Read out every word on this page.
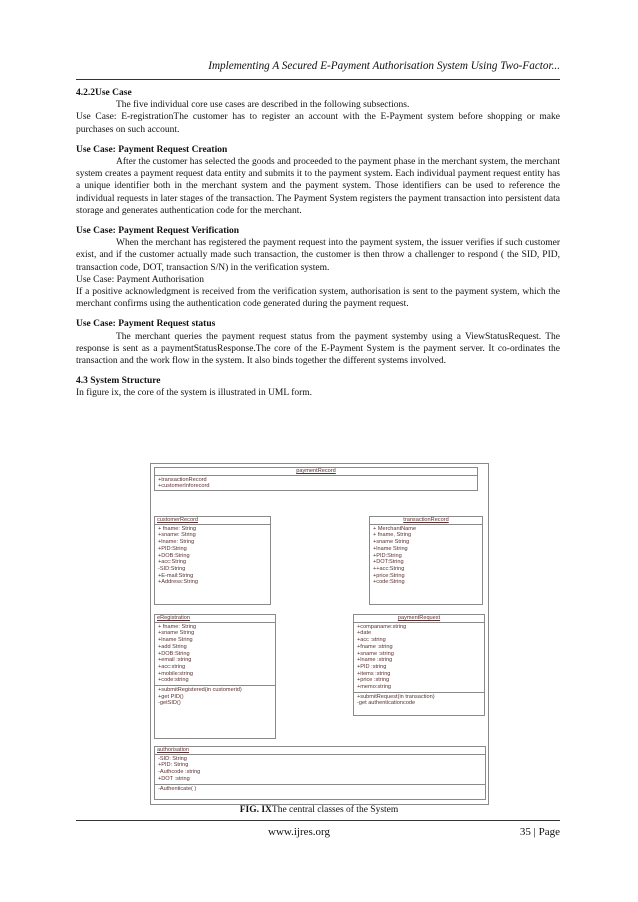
Implementing A Secured E-Payment Authorisation System Using Two-Factor...

4.2.2Use Case

The five individual core use cases are described in the following subsections.

Use Case: E-registrationThe customer has to register an account with the E-Payment system before shopping or make purchases on such account.

Use Case: Payment Request Creation

After the customer has selected the goods and proceeded to the payment phase in the merchant system, the merchant system creates a payment request data entity and submits it to the payment system. Each individual payment request entity has a unique identifier both in the merchant system and the payment system. Those identifiers can be used to reference the individual requests in later stages of the transaction. The Payment System registers the payment transaction into persistent data storage and generates authentication code for the merchant.

Use Case: Payment Request Verification

When the merchant has registered the payment request into the payment system, the issuer verifies if such customer exist, and if the customer actually made such transaction, the customer is then throw a challenger to respond ( the SID, PID, transaction code, DOT, transaction S/N) in the verification system.

Use Case: Payment Authorisation

If a positive acknowledgment is received from the verification system, authorisation is sent to the payment system, which the merchant confirms using the authentication code generated during the payment request.

Use Case: Payment Request status

The merchant queries the payment request status from the payment systemby using a ViewStatusRequest. The response is sent as a paymentStatusResponse.The core of the E-Payment System is the payment server. It co-ordinates the transaction and the work flow in the system. It also binds together the different systems involved.

4.3 System Structure

In figure ix, the core of the system is illustrated in UML form.

paymentRecord
+transactionRecord
+customerInforecord
customerRecord
+ fname: String
+sname: String
+lname: String
+PID:String
+DOB:String
+acc:String
-SID:String
+E-mail:String
+Address:String
transactionRecord
+ MerchantName
+ fname, String
+sname String
+lname String
+PID:String
+DOT:String
++acc:String
+price:String
+code:String
eRegistration
+ fname: String
+sname String
+lname String
+add String
+DOB:String
+email :string
+acc:string
+mobile:string
+code:string
+submitRegistered(in customerid)
+get PID()
-getSID()
paymentRequest
+companame:string
+date
+acc :string
+fname :string
+sname :string
+lname :string
+PID :string
+items :string
+price :string
+memo:string
+submitRequest(in transaction)
-get authenticationcode
authorisation
-SID: String
+PID: String
-Authcode :string
+DOT :string
-Authenticate( )
FIG. IXThe central classes of the System
www.ijres.org	35 | Page
